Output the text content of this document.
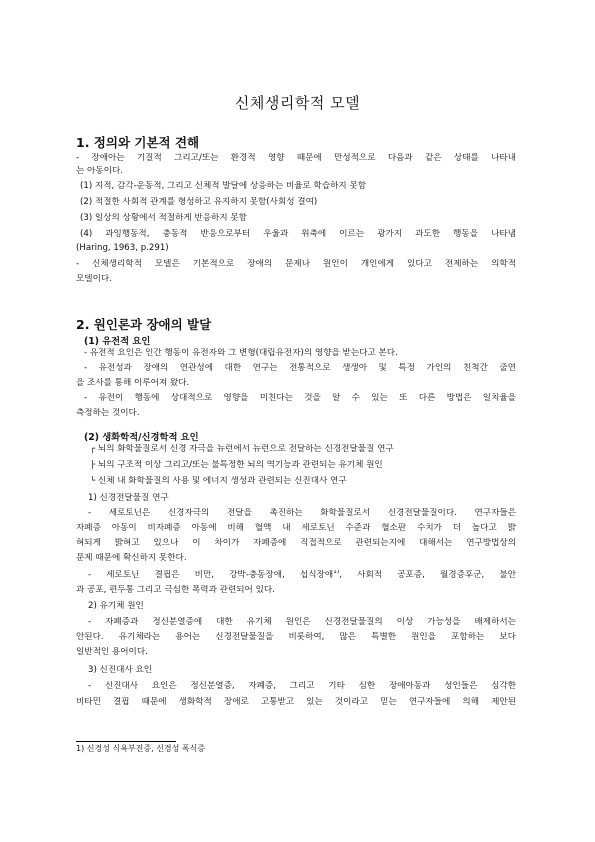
신체생리학적 모델
1. 정의와 기본적 견해
- 장애아는 기질적 그리고/또는 환경적 영향 때문에 만성적으로 다음과 같은 상태를 나타내
는 아동이다.
(1) 지적, 감각-운동적, 그리고 신체적 발달에 상응하는 비율로 학습하지 못함
(2) 적절한 사회적 관계를 형성하고 유지하지 못함(사회성 결여)
(3) 일상의 상황에서 적절하게 반응하지 못함
(4) 과잉행동적, 충동적 반응으로부터 우울과 위축에 이르는 광가지 과도한 행동을 나타냄
(Haring, 1963, p.291)
- 신체생리학적 모델은 기본적으로 장애의 문제나 원인이 개인에게 있다고 전제하는 의학적
모델이다.
2. 원인론과 장애의 발달
(1) 유전적 요인
- 유전적 요인은 인간 행동이 유전자와 그 변형(대립유전자)의 영향을 받는다고 본다.
- 유전성과 장애의 연관성에 대한 연구는 전통적으로 생생아 및 특정 가인의 친척간 출연
을 조사를 통해 이루어져 왔다.
- 유전이 행동에 상대적으로 영향을 미친다는 것을 알 수 있는 또 다른 방법은 일치율을
측정하는 것이다.
(2) 생화학적/신경학적 요인
┌ 뇌의 화학물질로서 신경 자극을 뉴런에서 뉴런으로 전달하는 신경전달물질 연구
├ 뇌의 구조적 이상 그리고/또는 불특정한 뇌의 역기능과 관련되는 유기체 원인
└ 신체 내 화학물질의 사용 및 에너지 생성과 관련되는 신진대사 연구
1) 신경전달물질 연구
- 세로토닌은 신경자극의 전달을 촉진하는 화학물질로서 신경전달물질이다. 연구자들은
자폐증 아동이 비자폐증 아동에 비해 혈액 내 세로토닌 수준과 혈소판 수치가 더 높다고 밝
혀되게 밝혀고 있으나 이 차이가 자폐증에 직접적으로 관련되는지에 대해서는 연구방법상의
문제 때문에 확신하지 못한다.
- 세로토닌 결핍은 비만, 강박-충동장애, 섭식장애$^{1)}$, 사회적 공포증, 월경증후군, 불안
과 공포, 편두통 그리고 극심한 폭력과 관련되어 있다.
2) 유기체 원인
- 자폐증과 정신분열증에 대한 유기체 원인은 신경전달물질의 이상 가능성을 배제하서는
안된다. 유기체라는 용어는 신경전달물질을 비롯하여, 많은 특별한 원인을 포함하는 보다
일반적인 용어이다.
3) 신진대사 요인
- 신진대사 요인은 정신분열증, 자폐증, 그리고 기타 심한 장애아동과 성인들은 심각한
비타민 결핍 때문에 생화학적 장애로 고통받고 있는 것이라고 믿는 연구자들에 의해 제안된
1) 신경성 식욕부진증, 신경성 폭식증
